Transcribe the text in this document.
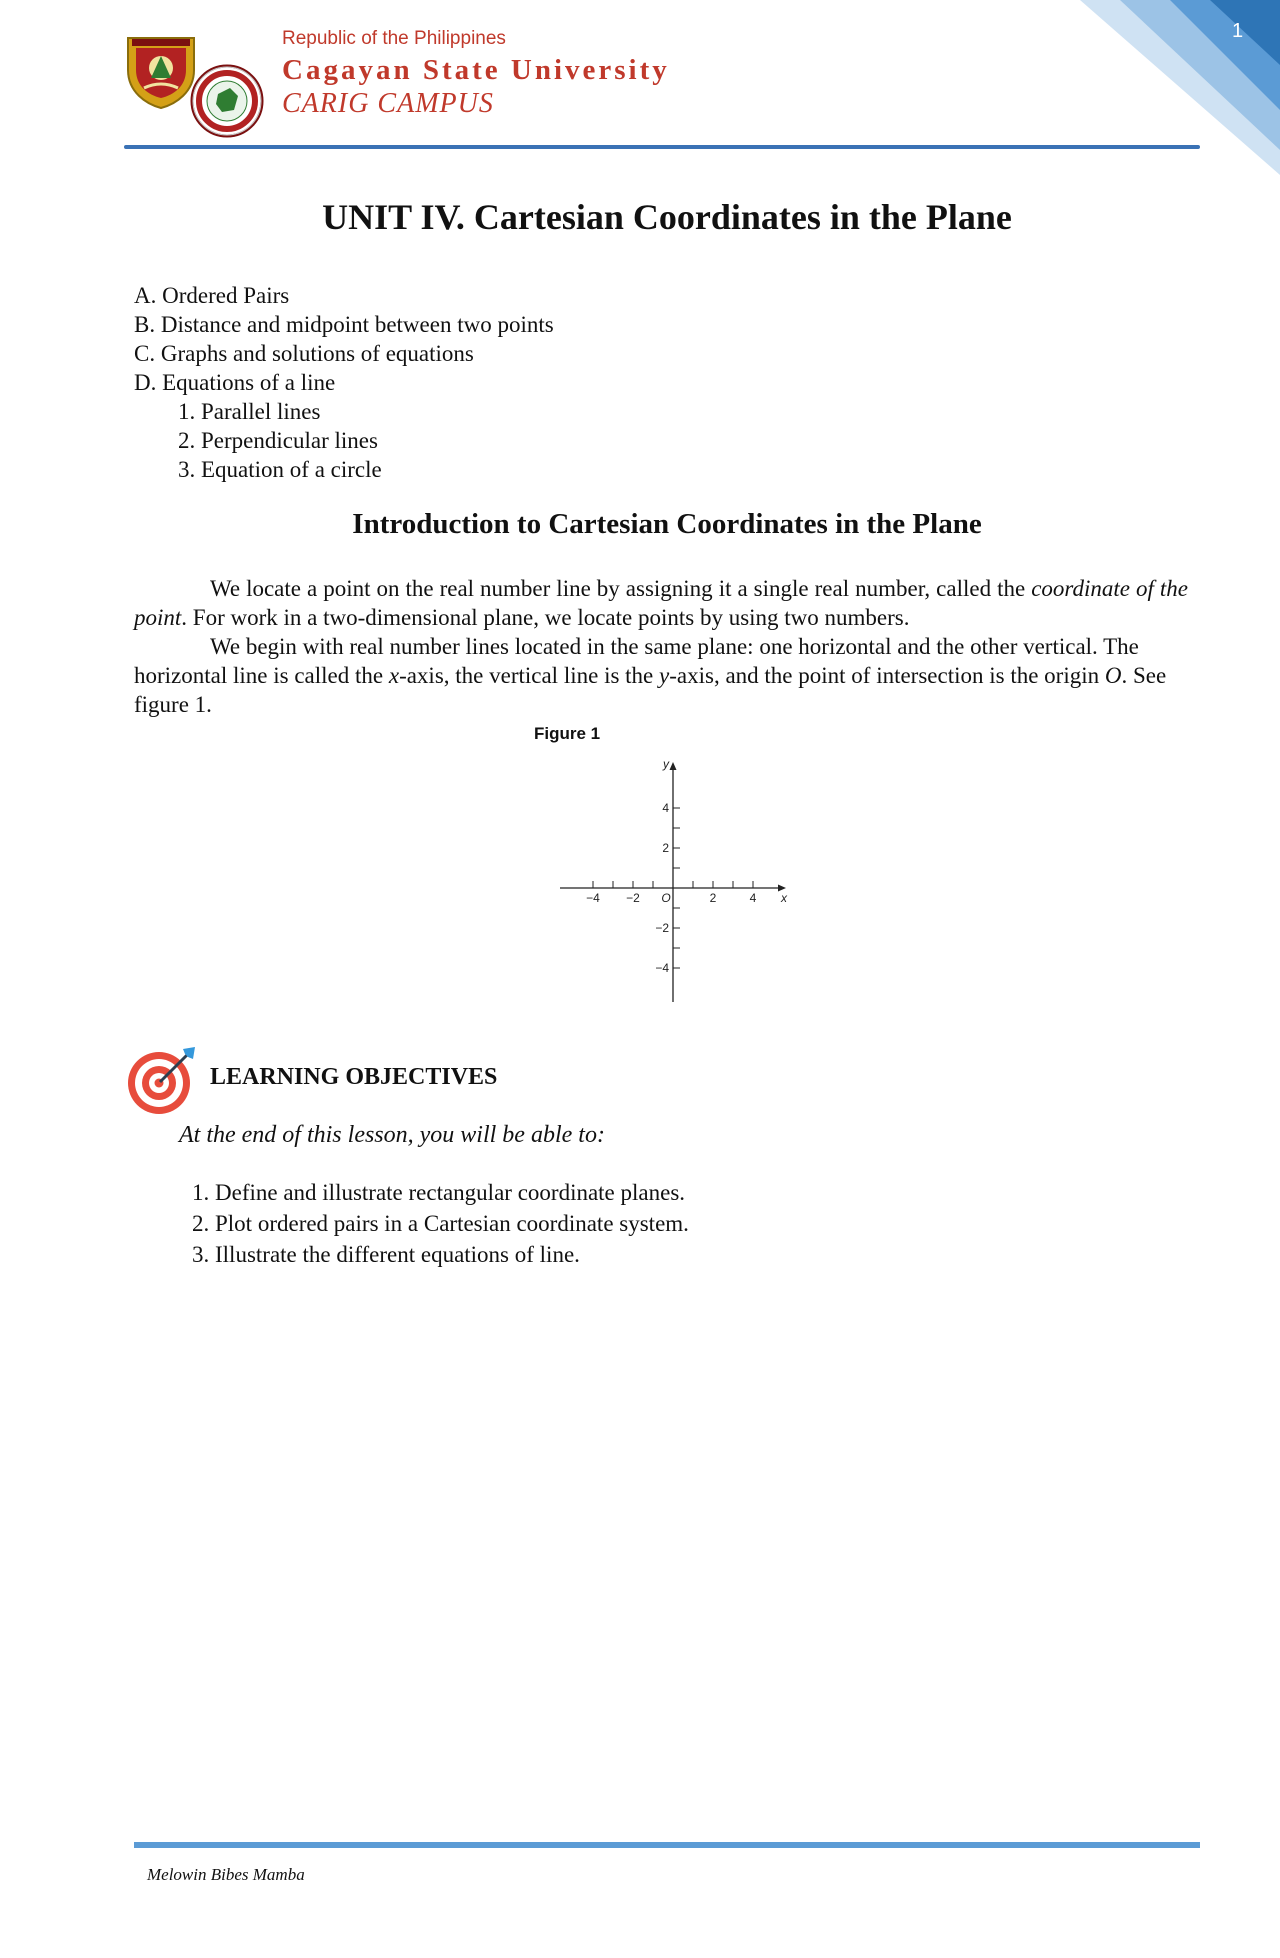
1
Republic of the Philippines
Cagayan State University
CARIG CAMPUS
UNIT IV. Cartesian Coordinates in the Plane
A. Ordered Pairs
B. Distance and midpoint between two points
C. Graphs and solutions of equations
D. Equations of a line
1. Parallel lines
2. Perpendicular lines
3. Equation of a circle
Introduction to Cartesian Coordinates in the Plane

We locate a point on the real number line by assigning it a single real number, called the coordinate of the point. For work in a two-dimensional plane, we locate points by using two numbers.

We begin with real number lines located in the same plane: one horizontal and the other vertical. The horizontal line is called the x-axis, the vertical line is the y-axis, and the point of intersection is the origin O. See figure 1.

Figure 1
−4 −2	2	4
4
2
−2
−4
O	x
y
LEARNING OBJECTIVES
At the end of this lesson, you will be able to:
1. Define and illustrate rectangular coordinate planes.
2. Plot ordered pairs in a Cartesian coordinate system.
3. Illustrate the different equations of line.
Melowin Bibes Mamba
